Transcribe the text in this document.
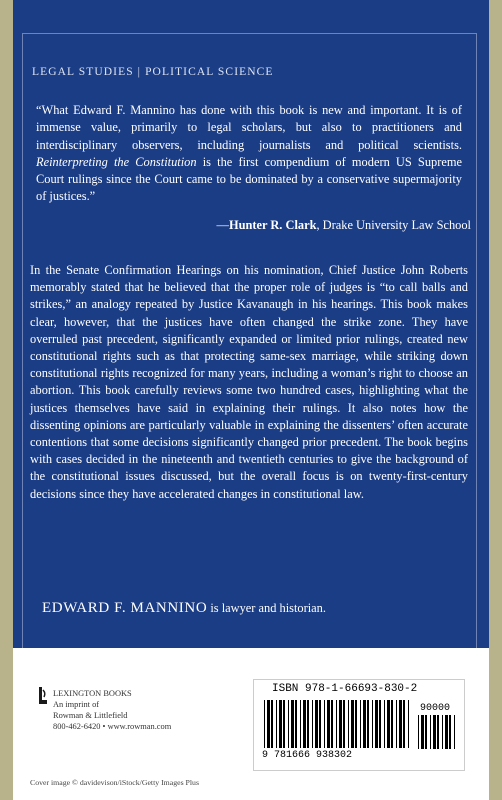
LEGAL STUDIES | POLITICAL SCIENCE

“What Edward F. Mannino has done with this book is new and important. It is of immense value, primarily to legal scholars, but also to practitioners and interdisciplinary observers, including journalists and political scientists. Reinterpreting the Constitution is the first compendium of modern US Supreme Court rulings since the Court came to be dominated by a conservative supermajority of justices.”

—Hunter R. Clark, Drake University Law School

In the Senate Confirmation Hearings on his nomination, Chief Justice John Roberts memorably stated that he believed that the proper role of judges is “to call balls and strikes,” an analogy repeated by Justice Kavanaugh in his hearings. This book makes clear, however, that the justices have often changed the strike zone. They have overruled past precedent, significantly expanded or limited prior rulings, created new constitutional rights such as that protecting same-sex marriage, while striking down constitutional rights recognized for many years, including a woman’s right to choose an abortion. This book carefully reviews some two hundred cases, highlighting what the justices themselves have said in explaining their rulings. It also notes how the dissenting opinions are particularly valuable in explaining the dissenters’ often accurate contentions that some decisions significantly changed prior precedent. The book begins with cases decided in the nineteenth and twentieth centuries to give the background of the constitutional issues discussed, but the overall focus is on twenty-first-century decisions since they have accelerated changes in constitutional law.

EDWARD F. MANNINO is lawyer and historian.
LEXINGTON BOOKS
An imprint of
Rowman & Littlefield
800-462-6420 • www.rowman.com
ISBN 978-1-66693-830-2
90000
9 781666 938302
Cover image © davidevison/iStock/Getty Images Plus
